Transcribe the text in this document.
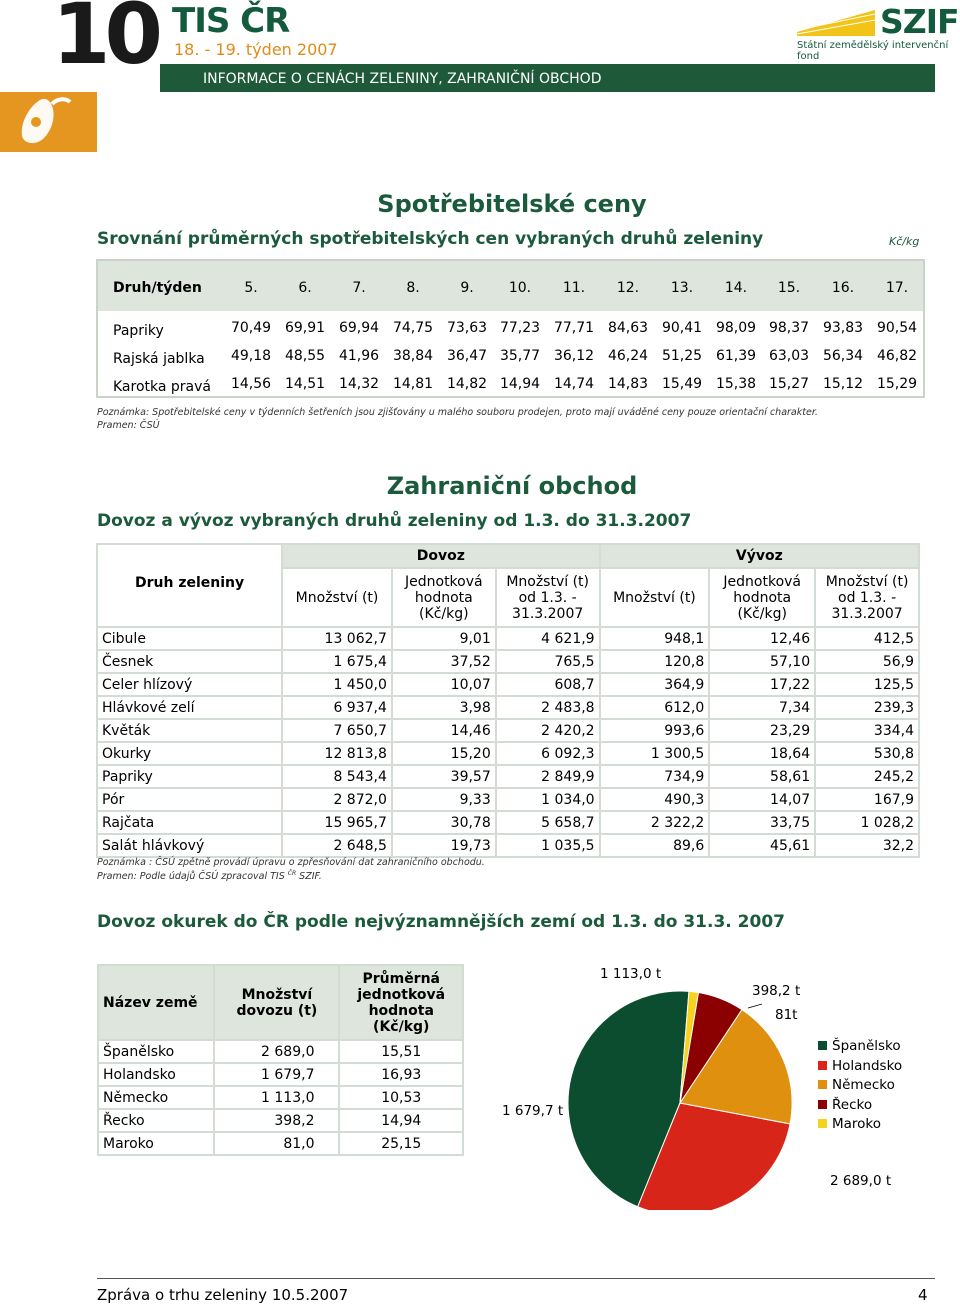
10 TIS ČR
18. - 19. týden 2007
INFORMACE O CENÁCH ZELENINY, ZAHRANIČNÍ OBCHOD
SZIF
Státní zemědělský intervenční fond
Spotřebitelské ceny
Srovnání průměrných spotřebitelských cen vybraných druhů zeleniny	Kč/kg
Druh/týden	5.	6.	7.	8.	9.	10.	11.	12.	13.	14.	15.	16.	17.
Papriky	70,49 69,91 69,94 74,75 73,63 77,23 77,71 84,63 90,41 98,09 98,37 93,83 90,54
Rajská jablka	49,18 48,55 41,96 38,84 36,47 35,77 36,12 46,24 51,25 61,39 63,03 56,34 46,82
Karotka pravá	14,56 14,51 14,32 14,81 14,82 14,94 14,74 14,83 15,49 15,38 15,27 15,12 15,29
Poznámka: Spotřebitelské ceny v týdenních šetřeních jsou zjišťovány u malého souboru prodejen, proto mají uváděné ceny pouze orientační charakter.
Pramen: ČSÚ
Zahraniční obchod
Dovoz a vývoz vybraných druhů zeleniny od 1.3. do 31.3.2007
Druh zeleniny	Dovoz			Vývoz		
	Množství (t)	Jednotková hodnota (Kč/kg)	Množství (t) od 1.3. - 31.3.2007	Množství (t)	Jednotková hodnota (Kč/kg)	Množství (t) od 1.3. - 31.3.2007
Cibule	13 062,7	9,01	4 621,9	948,1	12,46	412,5
Česnek	1 675,4	37,52	765,5	120,8	57,10	56,9
Celer hlízový	1 450,0	10,07	608,7	364,9	17,22	125,5
Hlávkové zelí	6 937,4	3,98	2 483,8	612,0	7,34	239,3
Květák	7 650,7	14,46	2 420,2	993,6	23,29	334,4
Okurky	12 813,8	15,20	6 092,3	1 300,5	18,64	530,8
Papriky	8 543,4	39,57	2 849,9	734,9	58,61	245,2
Pór	2 872,0	9,33	1 034,0	490,3	14,07	167,9
Rajčata	15 965,7	30,78	5 658,7	2 322,2	33,75	1 028,2
Salát hlávkový	2 648,5	19,73	1 035,5	89,6	45,61	32,2
Poznámka : ČSÚ zpětně provádí úpravu o zpřesňování dat zahraničního obchodu.
Pramen: Podle údajů ČSÚ zpracoval TIS $^{ČR}$ SZIF.
Dovoz okurek do ČR podle nejvýznamnějších zemí od 1.3. do 31.3. 2007
Název země	Množství dovozu (t)	Průměrná jednotková hodnota (Kč/kg)
Španělsko	2 689,0	15,51
Holandsko	1 679,7	16,93
Německo	1 113,0	10,53
Řecko	398,2	14,94
Maroko	81,0	25,15
2 689,0 t
1 679,7 t
1 113,0 t
398,2 t
81t
Španělsko
Holandsko
Německo
Řecko
Maroko
Zpráva o trhu zeleniny 10.5.2007	4
